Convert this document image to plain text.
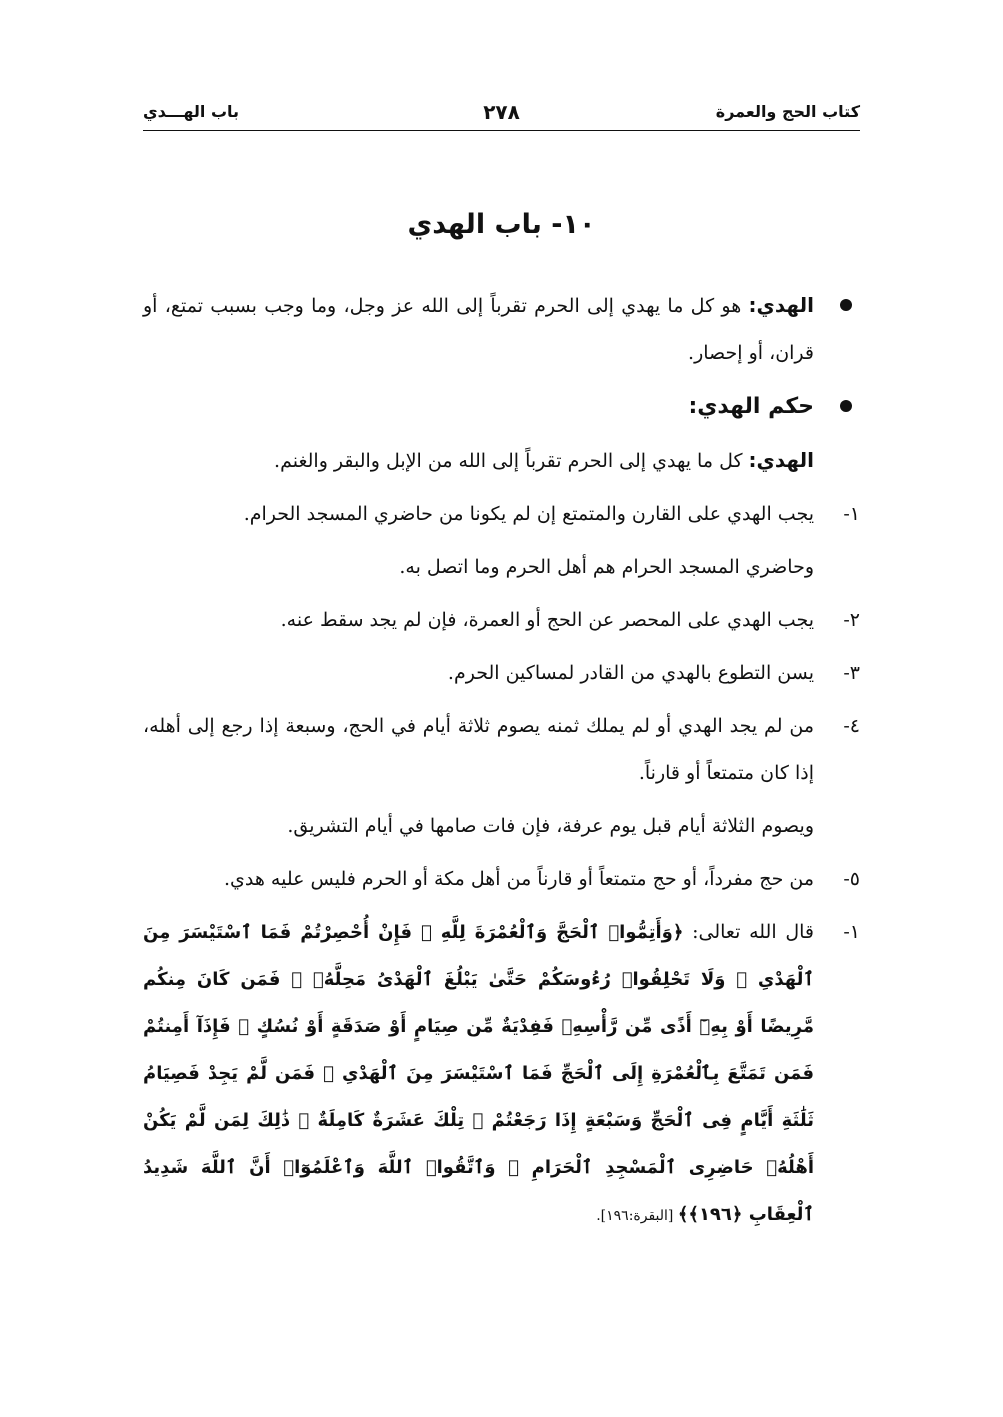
كتاب الحج والعمرة
٢٧٨
باب الهـــدي
١٠- باب الهدي

الهدي: هو كل ما يهدي إلى الحرم تقرباً إلى الله عز وجل، وما وجب بسبب تمتع، أو قران، أو إحصار.

حكم الهدي:

الهدي: كل ما يهدي إلى الحرم تقرباً إلى الله من الإبل والبقر والغنم.

١-
يجب الهدي على القارن والمتمتع إن لم يكونا من حاضري المسجد الحرام.

وحاضري المسجد الحرام هم أهل الحرم وما اتصل به.

٢-
يجب الهدي على المحصر عن الحج أو العمرة، فإن لم يجد سقط عنه.

٣-
يسن التطوع بالهدي من القادر لمساكين الحرم.

٤-
من لم يجد الهدي أو لم يملك ثمنه يصوم ثلاثة أيام في الحج، وسبعة إذا رجع إلى أهله، إذا كان متمتعاً أو قارناً.

ويصوم الثلاثة أيام قبل يوم عرفة، فإن فات صامها في أيام التشريق.

٥-
من حج مفرداً، أو حج متمتعاً أو قارناً من أهل مكة أو الحرم فليس عليه هدي.

١-
قال الله تعالى: ﴿وَأَتِمُّوا۟ ٱلْحَجَّ وَٱلْعُمْرَةَ لِلَّهِ ۚ فَإِنْ أُحْصِرْتُمْ فَمَا ٱسْتَيْسَرَ مِنَ ٱلْهَدْىِ ۖ وَلَا تَحْلِقُوا۟ رُءُوسَكُمْ حَتَّىٰ يَبْلُغَ ٱلْهَدْىُ مَحِلَّهُۥ ۚ فَمَن كَانَ مِنكُم مَّرِيضًا أَوْ بِهِۦٓ أَذًى مِّن رَّأْسِهِۦ فَفِدْيَةٌ مِّن صِيَامٍ أَوْ صَدَقَةٍ أَوْ نُسُكٍ ۚ فَإِذَآ أَمِنتُمْ فَمَن تَمَتَّعَ بِٱلْعُمْرَةِ إِلَى ٱلْحَجِّ فَمَا ٱسْتَيْسَرَ مِنَ ٱلْهَدْىِ ۚ فَمَن لَّمْ يَجِدْ فَصِيَامُ ثَلَٰثَةِ أَيَّامٍ فِى ٱلْحَجِّ وَسَبْعَةٍ إِذَا رَجَعْتُمْ ۗ تِلْكَ عَشَرَةٌ كَامِلَةٌ ۗ ذَٰلِكَ لِمَن لَّمْ يَكُنْ أَهْلُهُۥ حَاضِرِى ٱلْمَسْجِدِ ٱلْحَرَامِ ۚ وَٱتَّقُوا۟ ٱللَّهَ وَٱعْلَمُوٓا۟ أَنَّ ٱللَّهَ شَدِيدُ ٱلْعِقَابِ ﴿١٩٦﴾﴾ [البقرة:١٩٦].
